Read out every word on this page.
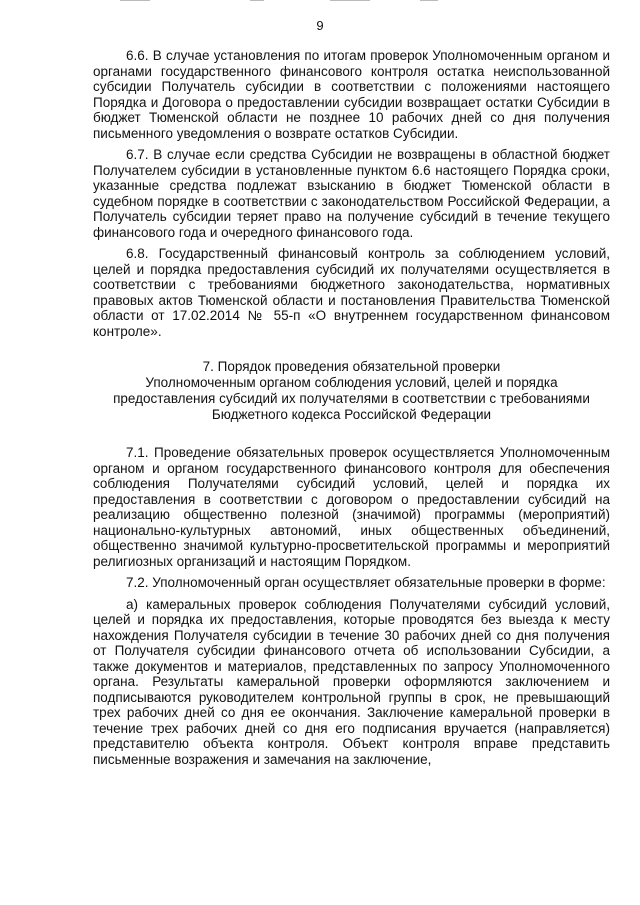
9

6.6. В случае установления по итогам проверок Уполномоченным органом и органами государственного финансового контроля остатка неиспользованной субсидии Получатель субсидии в соответствии с положениями настоящего Порядка и Договора о предоставлении субсидии возвращает остатки Субсидии в бюджет Тюменской области не позднее 10 рабочих дней со дня получения письменного уведомления о возврате остатков Субсидии.

6.7. В случае если средства Субсидии не возвращены в областной бюджет Получателем субсидии в установленные пунктом 6.6 настоящего Порядка сроки, указанные средства подлежат взысканию в бюджет Тюменской области в судебном порядке в соответствии с законодательством Российской Федерации, а Получатель субсидии теряет право на получение субсидий в течение текущего финансового года и очередного финансового года.

6.8. Государственный финансовый контроль за соблюдением условий, целей и порядка предоставления субсидий их получателями осуществляется в соответствии с требованиями бюджетного законодательства, нормативных правовых актов Тюменской области и постановления Правительства Тюменской области от 17.02.2014 № 55-п «О внутреннем государственном финансовом контроле».

7. Порядок проведения обязательной проверки
Уполномоченным органом соблюдения условий, целей и порядка
предоставления субсидий их получателями в соответствии с требованиями
Бюджетного кодекса Российской Федерации

7.1. Проведение обязательных проверок осуществляется Уполномоченным органом и органом государственного финансового контроля для обеспечения соблюдения Получателями субсидий условий, целей и порядка их предоставления в соответствии с договором о предоставлении субсидий на реализацию общественно полезной (значимой) программы (мероприятий) национально-культурных автономий, иных общественных объединений, общественно значимой культурно-просветительской программы и мероприятий религиозных организаций и настоящим Порядком.

7.2. Уполномоченный орган осуществляет обязательные проверки в форме:

а) камеральных проверок соблюдения Получателями субсидий условий, целей и порядка их предоставления, которые проводятся без выезда к месту нахождения Получателя субсидии в течение 30 рабочих дней со дня получения от Получателя субсидии финансового отчета об использовании Субсидии, а также документов и материалов, представленных по запросу Уполномоченного органа. Результаты камеральной проверки оформляются заключением и подписываются руководителем контрольной группы в срок, не превышающий трех рабочих дней со дня ее окончания. Заключение камеральной проверки в течение трех рабочих дней со дня его подписания вручается (направляется) представителю объекта контроля. Объект контроля вправе представить письменные возражения и замечания на заключение,
